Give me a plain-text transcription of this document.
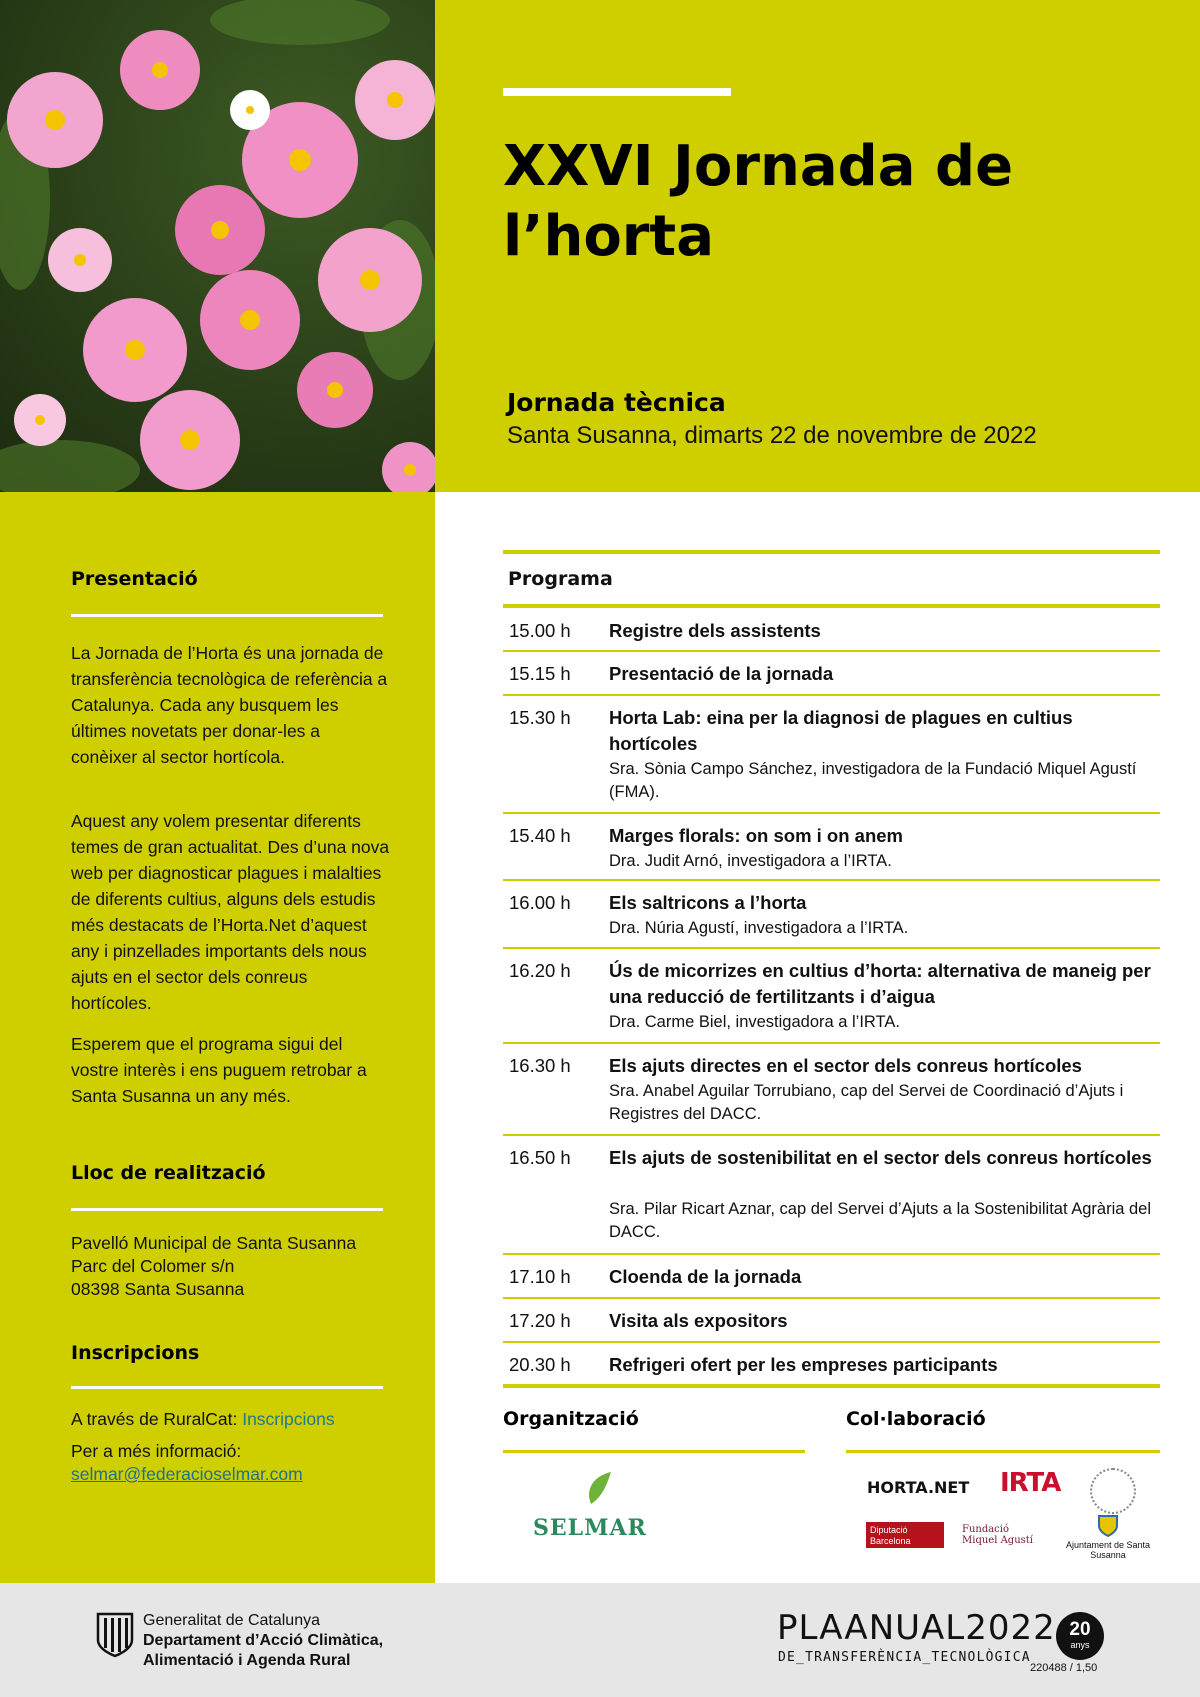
XXVI Jornada de
l’horta
Jornada tècnica
Santa Susanna, dimarts 22 de novembre de 2022
Presentació
La Jornada de l’Horta és una jornada de transferència tecnològica de referència a Catalunya. Cada any busquem les últimes novetats per donar-les a conèixer al sector hortícola.
Aquest any volem presentar diferents temes de gran actualitat. Des d’una nova web per diagnosticar plagues i malalties de diferents cultius, alguns dels estudis més destacats de l’Horta.Net d’aquest any i pinzellades importants dels nous ajuts en el sector dels conreus hortícoles.
Esperem que el programa sigui del vostre interès i ens puguem retrobar a Santa Susanna un any més.
Lloc de realització
Pavelló Municipal de Santa Susanna
Parc del Colomer s/n
08398 Santa Susanna
Inscripcions
A través de RuralCat: Inscripcions
Per a més informació:
selmar@federacioselmar.com
Programa
15.00 h Registre dels assistents
15.15 h Presentació de la jornada
15.30 h Horta Lab: eina per la diagnosi de plagues en cultius hortícoles
Sra. Sònia Campo Sánchez, investigadora de la Fundació Miquel Agustí (FMA).
15.40 h Marges florals: on som i on anem
Dra. Judit Arnó, investigadora a l’IRTA.
16.00 h Els saltricons a l’horta
Dra. Núria Agustí, investigadora a l’IRTA.
16.20 h Ús de micorrizes en cultius d’horta: alternativa de maneig per una reducció de fertilitzants i d’aigua
Dra. Carme Biel, investigadora a l’IRTA.
16.30 h Els ajuts directes en el sector dels conreus hortícoles
Sra. Anabel Aguilar Torrubiano, cap del Servei de Coordinació d’Ajuts i Registres del DACC.
16.50 h Els ajuts de sostenibilitat en el sector dels conreus hortícoles
Sra. Pilar Ricart Aznar, cap del Servei d’Ajuts a la Sostenibilitat Agrària del DACC.
17.10 h Cloenda de la jornada
17.20 h Visita als expositors
20.30 h Refrigeri ofert per les empreses participants
Organització
SELMAR
Col·laboració
HORTA.NET IRTA
Diputació Barcelona
Fundació Miquel Agustí	Ajuntament de Santa Susanna
Generalitat de Catalunya
Departament d’Acció Climàtica,
Alimentació i Agenda Rural
PLAANUAL2022
DE_TRANSFERÈNCIA_TECNOLÒGICA
20
anys
220488 / 1,50
